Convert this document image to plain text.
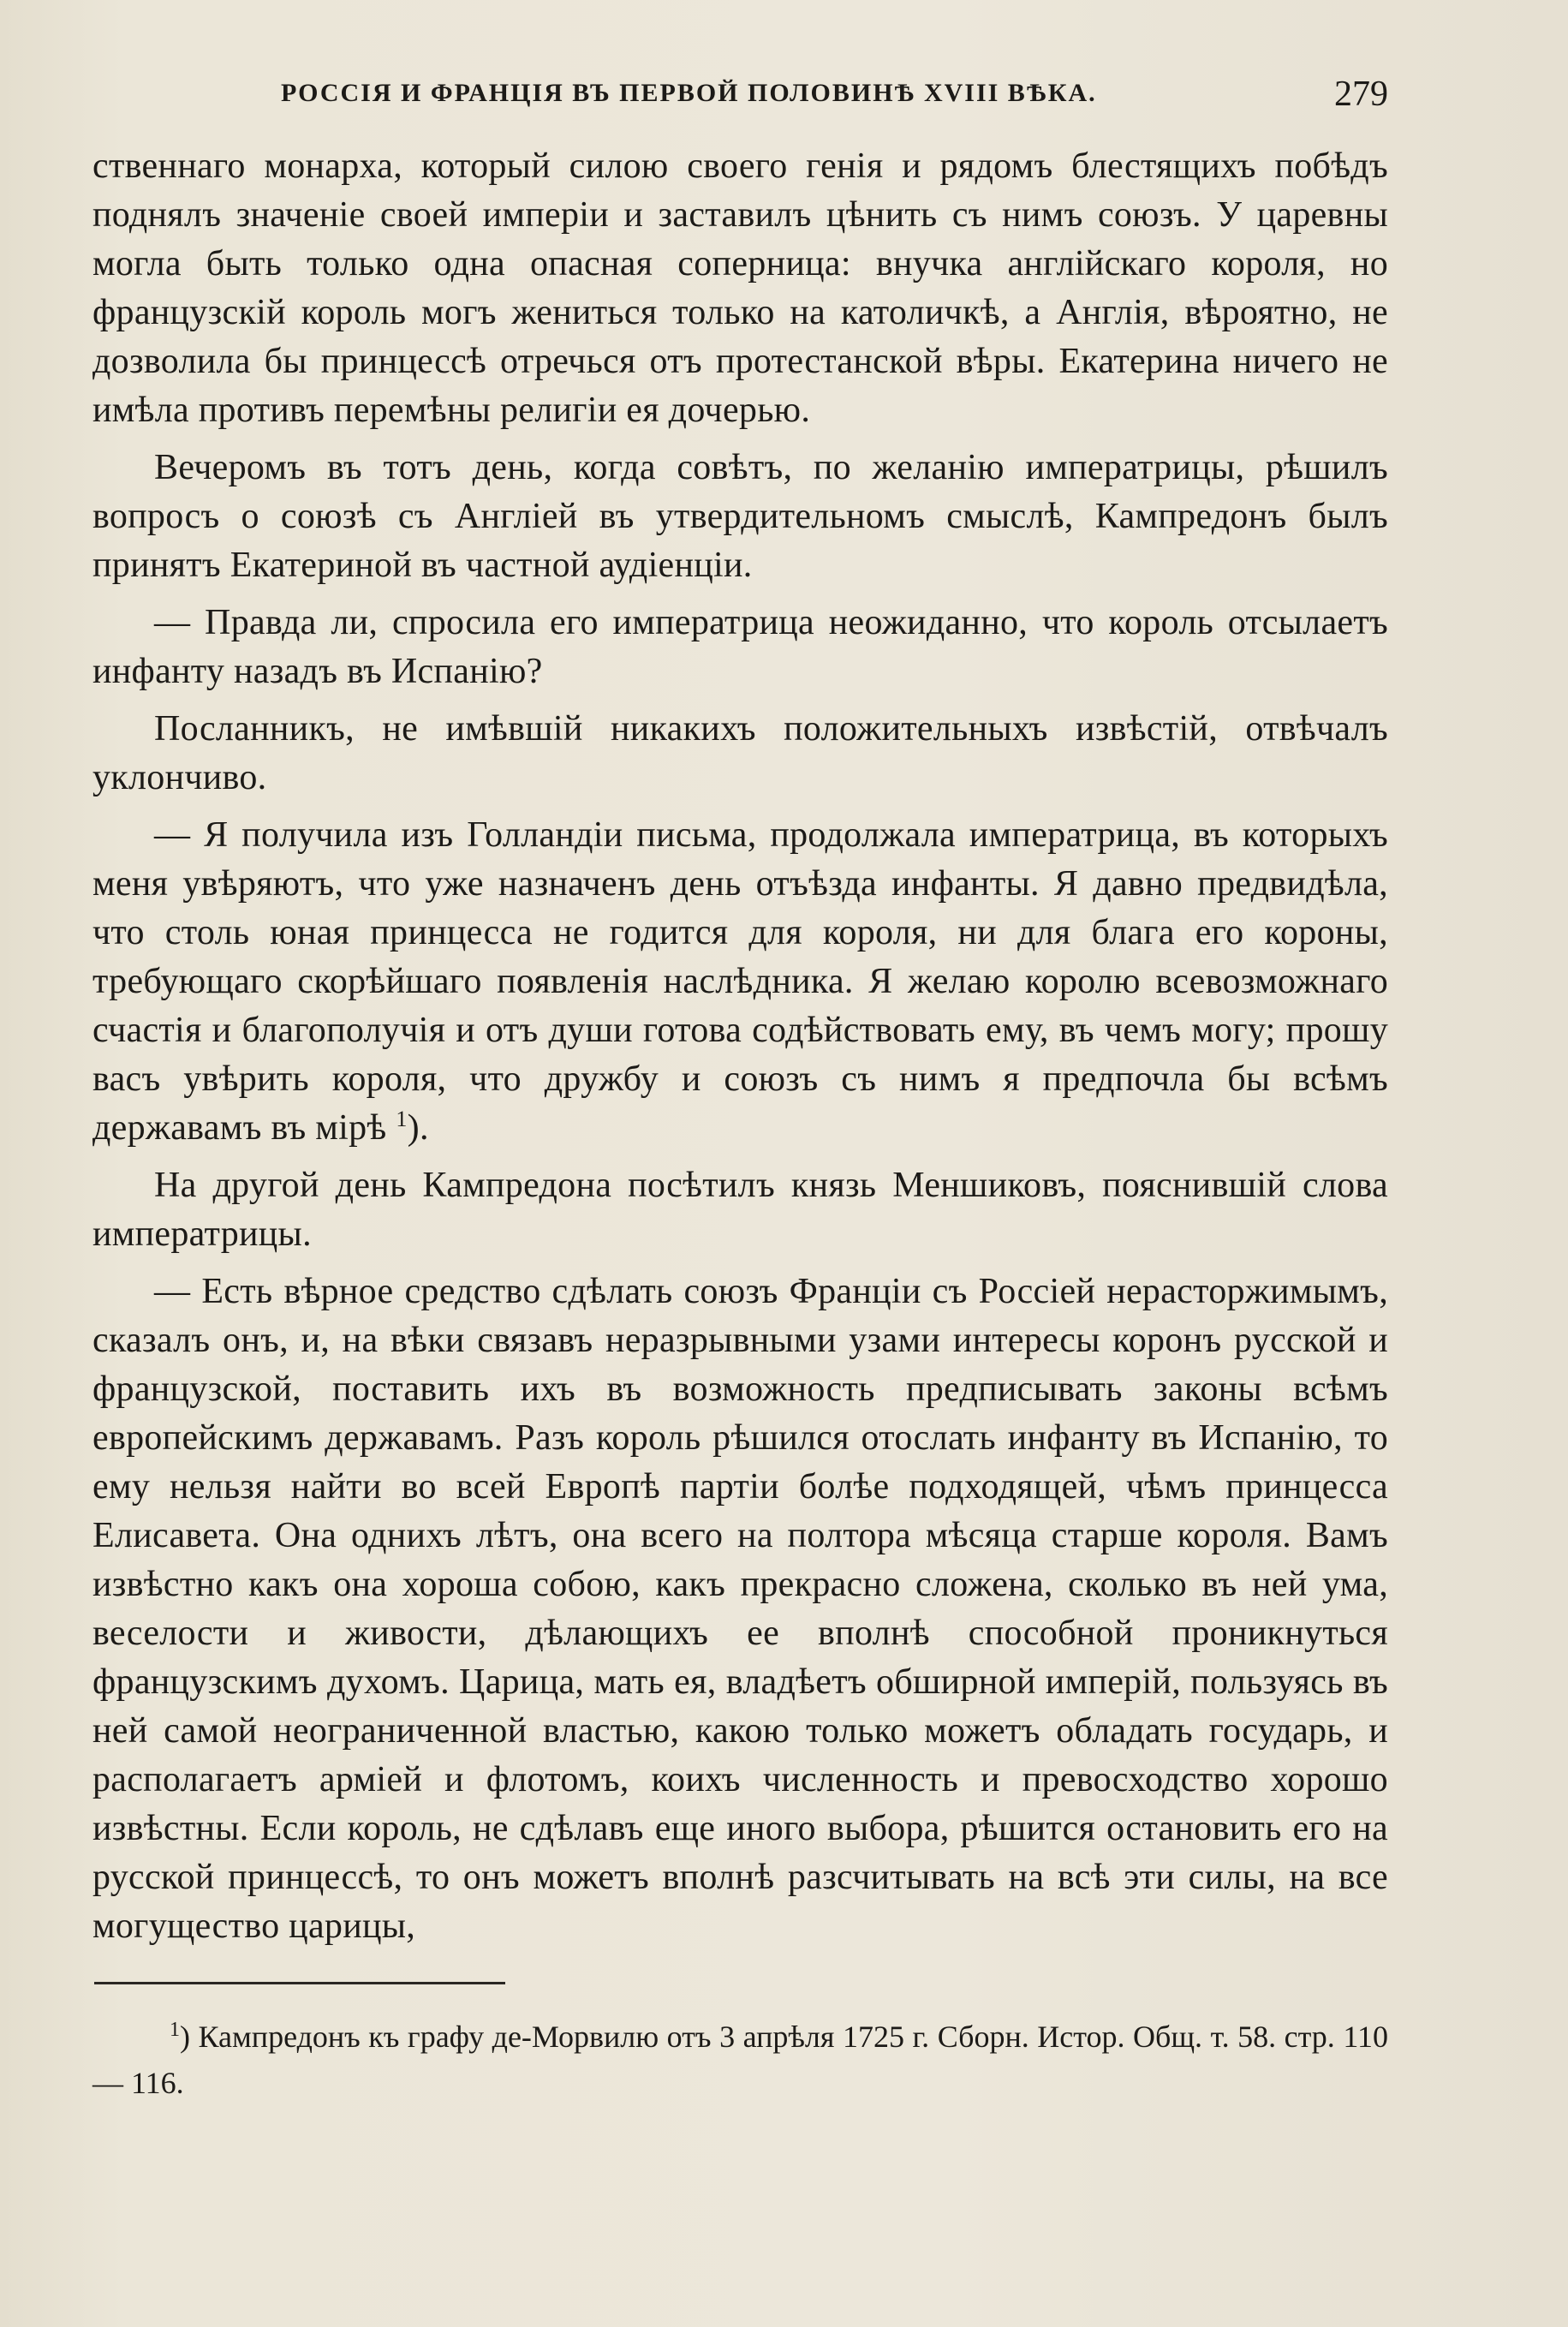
РОССІЯ И ФРАНЦІЯ ВЪ ПЕРВОЙ ПОЛОВИНѢ XVIII ВѢКА.	279

ственнаго монарха, который силою своего генія и рядомъ блестящихъ побѣдъ поднялъ значеніе своей имперіи и заставилъ цѣнить съ нимъ союзъ. У царевны могла быть только одна опасная соперница: внучка англійскаго короля, но французскій король могъ жениться только на католичкѣ, а Англія, вѣроятно, не дозволила бы принцессѣ отречься отъ протестанской вѣры. Екатерина ничего не имѣла противъ перемѣны религіи ея дочерью.

Вечеромъ въ тотъ день, когда совѣтъ, по желанію императрицы, рѣшилъ вопросъ о союзѣ съ Англіей въ утвердительномъ смыслѣ, Кампредонъ былъ принятъ Екатериной въ частной аудіенціи.

— Правда ли, спросила его императрица неожиданно, что король отсылаетъ инфанту назадъ въ Испанію?

Посланникъ, не имѣвшій никакихъ положительныхъ извѣстій, отвѣчалъ уклончиво.

— Я получила изъ Голландіи письма, продолжала императрица, въ которыхъ меня увѣряютъ, что уже назначенъ день отъѣзда инфанты. Я давно предвидѣла, что столь юная принцесса не годится для короля, ни для блага его короны, требующаго скорѣйшаго появленія наслѣдника. Я желаю королю всевозможнаго счастія и благополучія и отъ души готова содѣйствовать ему, въ чемъ могу; прошу васъ увѣрить короля, что дружбу и союзъ съ нимъ я предпочла бы всѣмъ державамъ въ мірѣ $^1$).

На другой день Кампредона посѣтилъ князь Меншиковъ, пояснившій слова императрицы.

— Есть вѣрное средство сдѣлать союзъ Франціи съ Россіей нерасторжимымъ, сказалъ онъ, и, на вѣки связавъ неразрывными узами интересы коронъ русской и французской, поставить ихъ въ возможность предписывать законы всѣмъ европейскимъ державамъ. Разъ король рѣшился отослать инфанту въ Испанію, то ему нельзя найти во всей Европѣ партіи болѣе подходящей, чѣмъ принцесса Елисавета. Она однихъ лѣтъ, она всего на полтора мѣсяца старше короля. Вамъ извѣстно какъ она хороша собою, какъ прекрасно сложена, сколько въ ней ума, веселости и живости, дѣлающихъ ее вполнѣ способной проникнуться французскимъ духомъ. Царица, мать ея, владѣетъ обширной имперій, пользуясь въ ней самой неограниченной властью, какою только можетъ обладать государь, и располагаетъ арміей и флотомъ, коихъ численность и превосходство хорошо извѣстны. Если король, не сдѣлавъ еще иного выбора, рѣшится остановить его на русской принцессѣ, то онъ можетъ вполнѣ разсчитывать на всѣ эти силы, на все могущество царицы,

$^1$) Кампредонъ къ графу де-Морвилю отъ 3 апрѣля 1725 г. Сборн. Истор. Общ. т. 58. стр. 110 — 116.
